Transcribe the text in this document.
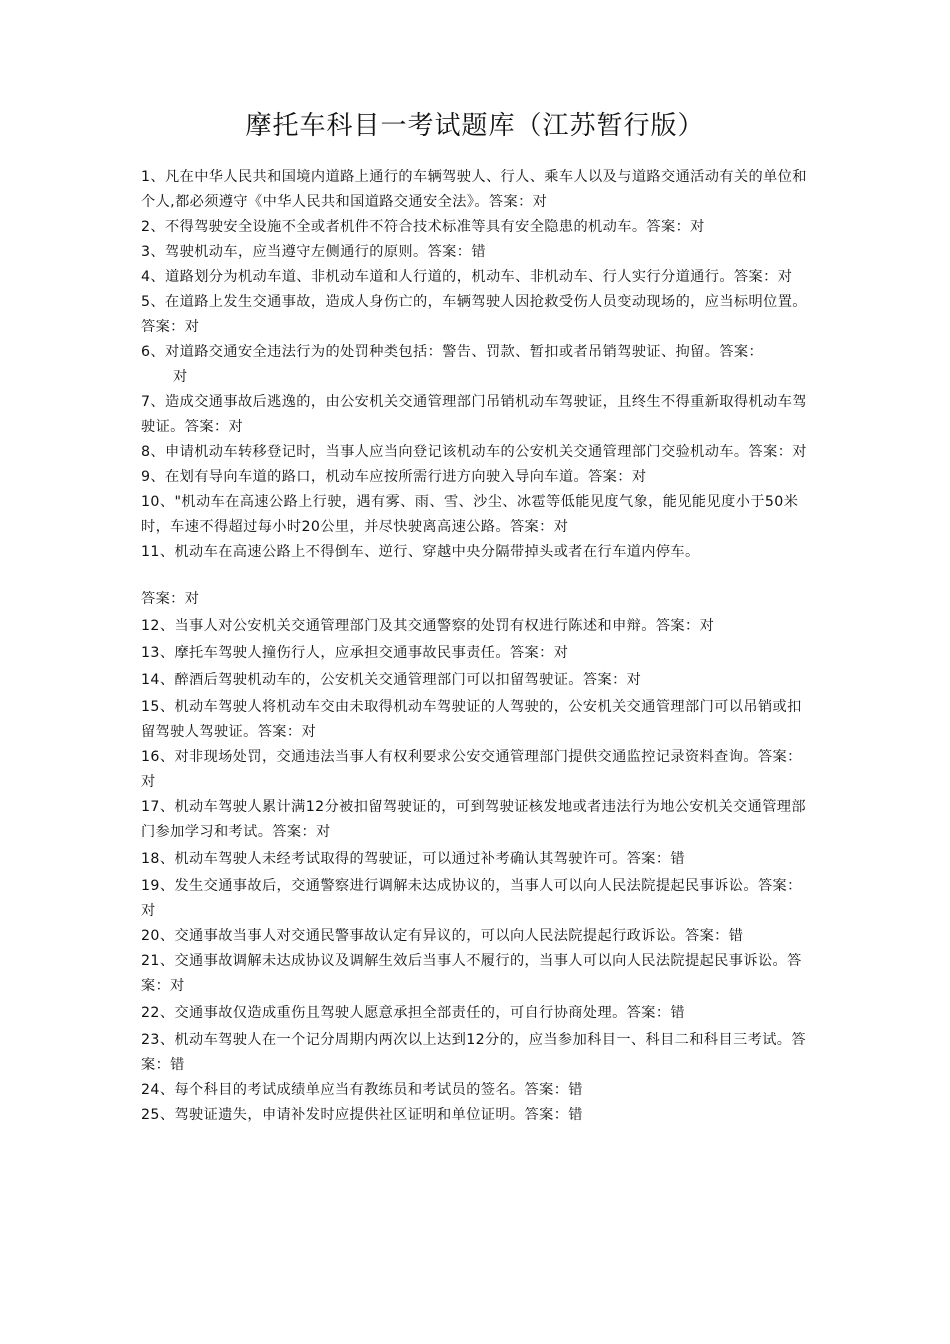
摩托车科目一考试题库（江苏暂行版）

1、凡在中华人民共和国境内道路上通行的车辆驾驶人、行人、乘车人以及与道路交通活动有关的单位和个人,都必须遵守《中华人民共和国道路交通安全法》。答案：对

2、不得驾驶安全设施不全或者机件不符合技术标准等具有安全隐患的机动车。答案：对

3、驾驶机动车，应当遵守左侧通行的原则。答案：错

4、道路划分为机动车道、非机动车道和人行道的，机动车、非机动车、行人实行分道通行。答案：对

5、在道路上发生交通事故，造成人身伤亡的，车辆驾驶人因抢救受伤人员变动现场的，应当标明位置。答案：对

6、对道路交通安全违法行为的处罚种类包括：警告、罚款、暂扣或者吊销驾驶证、拘留。答案：

对

7、造成交通事故后逃逸的，由公安机关交通管理部门吊销机动车驾驶证，且终生不得重新取得机动车驾驶证。答案：对

8、申请机动车转移登记时，当事人应当向登记该机动车的公安机关交通管理部门交验机动车。答案：对

9、在划有导向车道的路口，机动车应按所需行进方向驶入导向车道。答案：对

10、"机动车在高速公路上行驶，遇有雾、雨、雪、沙尘、冰雹等低能见度气象，能见能见度小于50米时，车速不得超过每小时20公里，并尽快驶离高速公路。答案：对

11、机动车在高速公路上不得倒车、逆行、穿越中央分隔带掉头或者在行车道内停车。

答案：对

12、当事人对公安机关交通管理部门及其交通警察的处罚有权进行陈述和申辩。答案：对

13、摩托车驾驶人撞伤行人，应承担交通事故民事责任。答案：对

14、醉酒后驾驶机动车的，公安机关交通管理部门可以扣留驾驶证。答案：对

15、机动车驾驶人将机动车交由未取得机动车驾驶证的人驾驶的，公安机关交通管理部门可以吊销或扣留驾驶人驾驶证。答案：对

16、对非现场处罚，交通违法当事人有权利要求公安交通管理部门提供交通监控记录资料查询。答案：对

17、机动车驾驶人累计满12分被扣留驾驶证的，可到驾驶证核发地或者违法行为地公安机关交通管理部门参加学习和考试。答案：对

18、机动车驾驶人未经考试取得的驾驶证，可以通过补考确认其驾驶许可。答案：错

19、发生交通事故后，交通警察进行调解未达成协议的，当事人可以向人民法院提起民事诉讼。答案：对

20、交通事故当事人对交通民警事故认定有异议的，可以向人民法院提起行政诉讼。答案：错

21、交通事故调解未达成协议及调解生效后当事人不履行的，当事人可以向人民法院提起民事诉讼。答案：对

22、交通事故仅造成重伤且驾驶人愿意承担全部责任的，可自行协商处理。答案：错

23、机动车驾驶人在一个记分周期内两次以上达到12分的，应当参加科目一、科目二和科目三考试。答案：错

24、每个科目的考试成绩单应当有教练员和考试员的签名。答案：错

25、驾驶证遗失，申请补发时应提供社区证明和单位证明。答案：错
